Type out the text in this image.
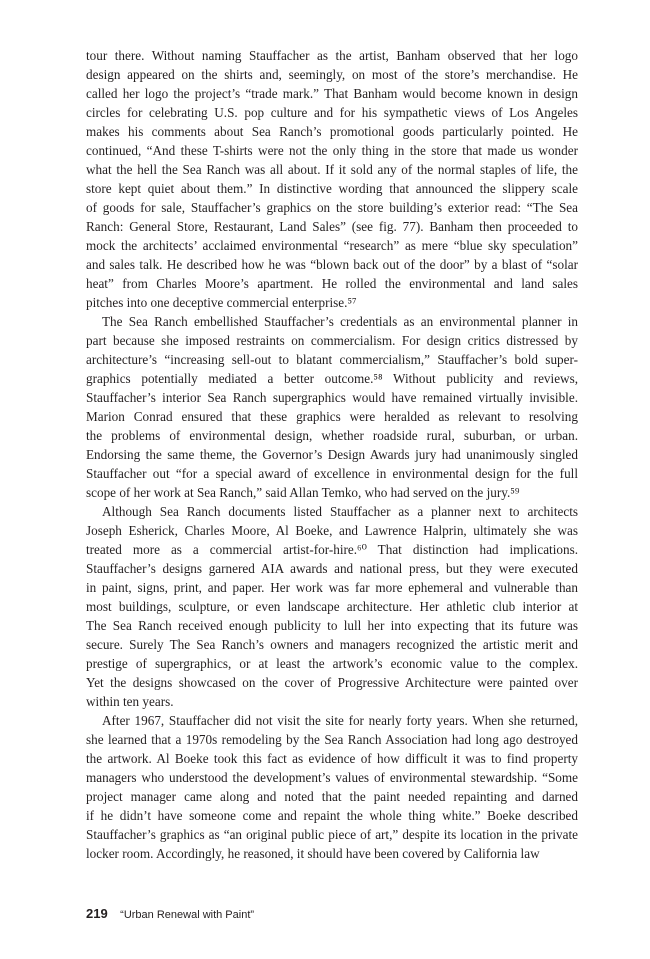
tour there. Without naming Stauffacher as the artist, Banham observed that her logo
design appeared on the shirts and, seemingly, on most of the store’s merchandise. He
called her logo the project’s “trade mark.” That Banham would become known in design
circles for celebrating U.S. pop culture and for his sympathetic views of Los Angeles
makes his comments about Sea Ranch’s promotional goods particularly pointed. He
continued, “And these T-shirts were not the only thing in the store that made us wonder
what the hell the Sea Ranch was all about. If it sold any of the normal staples of life, the
store kept quiet about them.” In distinctive wording that announced the slippery scale
of goods for sale, Stauffacher’s graphics on the store building’s exterior read: “The Sea
Ranch: General Store, Restaurant, Land Sales” (see fig. 77). Banham then proceeded to
mock the architects’ acclaimed environmental “research” as mere “blue sky speculation”
and sales talk. He described how he was “blown back out of the door” by a blast of “solar
heat” from Charles Moore’s apartment. He rolled the environmental and land sales
pitches into one deceptive commercial enterprise.⁵⁷

The Sea Ranch embellished Stauffacher’s credentials as an environmental planner in
part because she imposed restraints on commercialism. For design critics distressed by
architecture’s “increasing sell-out to blatant commercialism,” Stauffacher’s bold super-
graphics potentially mediated a better outcome.⁵⁸ Without publicity and reviews,
Stauffacher’s interior Sea Ranch supergraphics would have remained virtually invisible.
Marion Conrad ensured that these graphics were heralded as relevant to resolving
the problems of environmental design, whether roadside rural, suburban, or urban.
Endorsing the same theme, the Governor’s Design Awards jury had unanimously singled
Stauffacher out “for a special award of excellence in environmental design for the full
scope of her work at Sea Ranch,” said Allan Temko, who had served on the jury.⁵⁹

Although Sea Ranch documents listed Stauffacher as a planner next to architects
Joseph Esherick, Charles Moore, Al Boeke, and Lawrence Halprin, ultimately she was
treated more as a commercial artist-for-hire.⁶⁰ That distinction had implications.
Stauffacher’s designs garnered AIA awards and national press, but they were executed
in paint, signs, print, and paper. Her work was far more ephemeral and vulnerable than
most buildings, sculpture, or even landscape architecture. Her athletic club interior at
The Sea Ranch received enough publicity to lull her into expecting that its future was
secure. Surely The Sea Ranch’s owners and managers recognized the artistic merit and
prestige of supergraphics, or at least the artwork’s economic value to the complex.
Yet the designs showcased on the cover of Progressive Architecture were painted over
within ten years.

After 1967, Stauffacher did not visit the site for nearly forty years. When she returned,
she learned that a 1970s remodeling by the Sea Ranch Association had long ago destroyed
the artwork. Al Boeke took this fact as evidence of how difficult it was to find property
managers who understood the development’s values of environmental stewardship. “Some
project manager came along and noted that the paint needed repainting and darned
if he didn’t have someone come and repaint the whole thing white.” Boeke described
Stauffacher’s graphics as “an original public piece of art,” despite its location in the private
locker room. Accordingly, he reasoned, it should have been covered by California law

219 “Urban Renewal with Paint”
